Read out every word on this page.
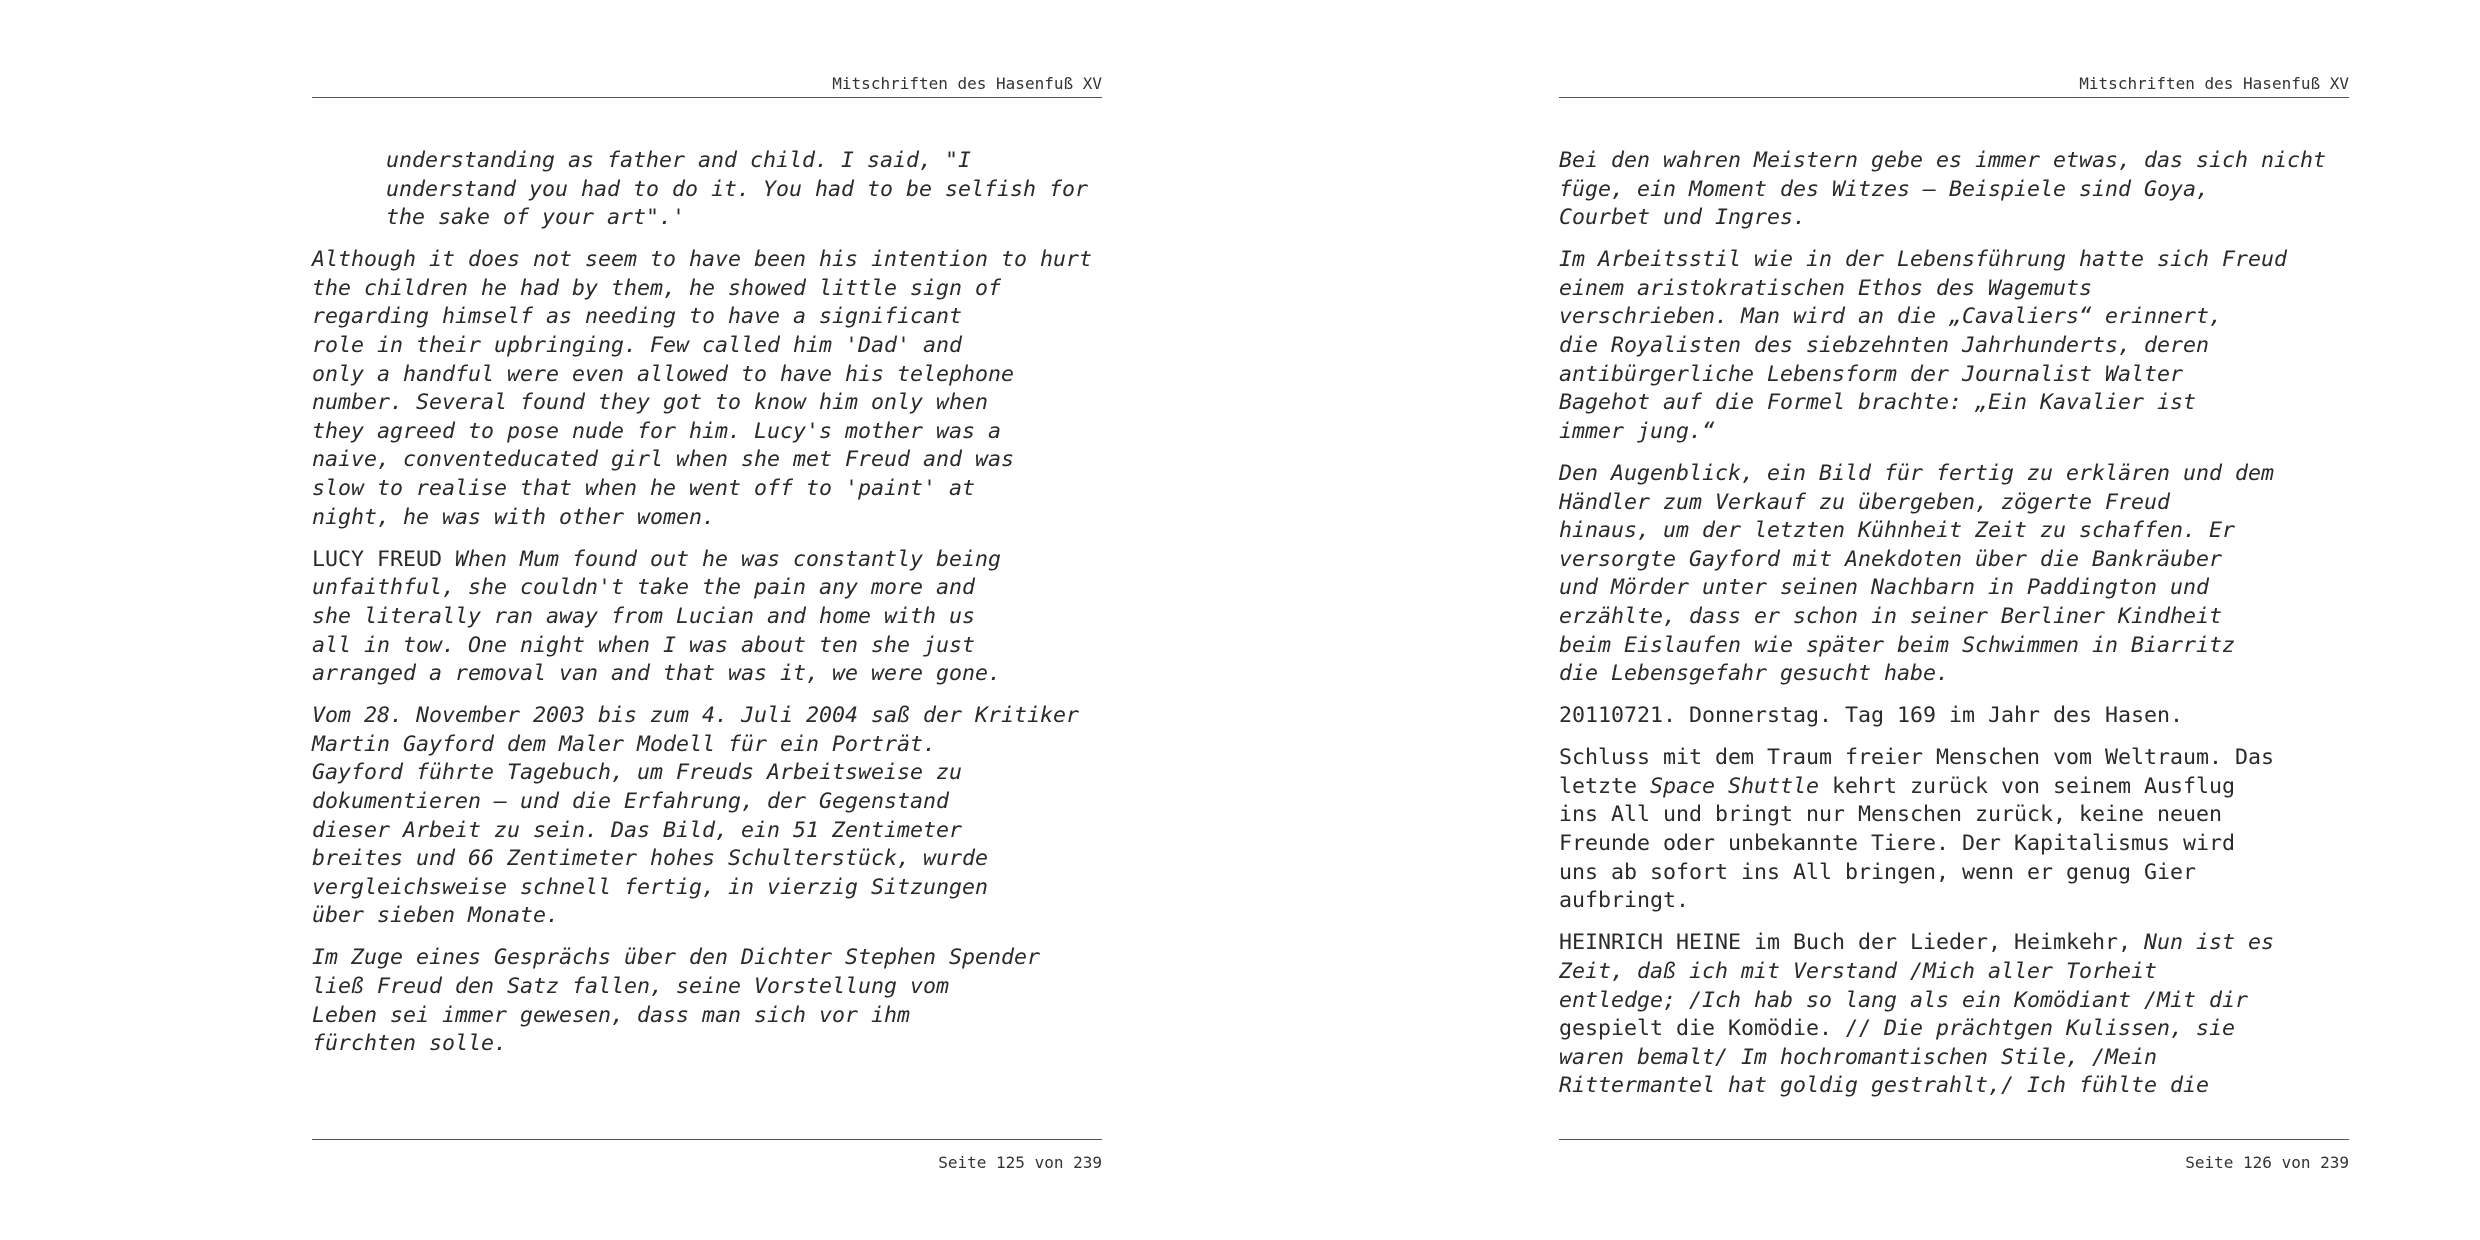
Mitschriften des Hasenfuß XV
understanding as father and child. I said, "I
understand you had to do it. You had to be selfish for
the sake of your art".'
Although it does not seem to have been his intention to hurt
the children he had by them, he showed little sign of
regarding himself as needing to have a significant
role in their upbringing. Few called him 'Dad' and
only a handful were even allowed to have his telephone
number. Several found they got to know him only when
they agreed to pose nude for him. Lucy's mother was a
naive, conventeducated girl when she met Freud and was
slow to realise that when he went off to 'paint' at
night, he was with other women.
LUCY FREUD When Mum found out he was constantly being
unfaithful, she couldn't take the pain any more and
she literally ran away from Lucian and home with us
all in tow. One night when I was about ten she just
arranged a removal van and that was it, we were gone.
Vom 28. November 2003 bis zum 4. Juli 2004 saß der Kritiker
Martin Gayford dem Maler Modell für ein Porträt.
Gayford führte Tagebuch, um Freuds Arbeitsweise zu
dokumentieren – und die Erfahrung, der Gegenstand
dieser Arbeit zu sein. Das Bild, ein 51 Zentimeter
breites und 66 Zentimeter hohes Schulterstück, wurde
vergleichsweise schnell fertig, in vierzig Sitzungen
über sieben Monate.
Im Zuge eines Gesprächs über den Dichter Stephen Spender
ließ Freud den Satz fallen, seine Vorstellung vom
Leben sei immer gewesen, dass man sich vor ihm
fürchten solle.
Seite 125 von 239
Mitschriften des Hasenfuß XV
Bei den wahren Meistern gebe es immer etwas, das sich nicht
füge, ein Moment des Witzes – Beispiele sind Goya,
Courbet und Ingres.
Im Arbeitsstil wie in der Lebensführung hatte sich Freud
einem aristokratischen Ethos des Wagemuts
verschrieben. Man wird an die „Cavaliers“ erinnert,
die Royalisten des siebzehnten Jahrhunderts, deren
antibürgerliche Lebensform der Journalist Walter
Bagehot auf die Formel brachte: „Ein Kavalier ist
immer jung.“
Den Augenblick, ein Bild für fertig zu erklären und dem
Händler zum Verkauf zu übergeben, zögerte Freud
hinaus, um der letzten Kühnheit Zeit zu schaffen. Er
versorgte Gayford mit Anekdoten über die Bankräuber
und Mörder unter seinen Nachbarn in Paddington und
erzählte, dass er schon in seiner Berliner Kindheit
beim Eislaufen wie später beim Schwimmen in Biarritz
die Lebensgefahr gesucht habe.
20110721. Donnerstag. Tag 169 im Jahr des Hasen.
Schluss mit dem Traum freier Menschen vom Weltraum. Das
letzte Space Shuttle kehrt zurück von seinem Ausflug
ins All und bringt nur Menschen zurück, keine neuen
Freunde oder unbekannte Tiere. Der Kapitalismus wird
uns ab sofort ins All bringen, wenn er genug Gier
aufbringt.
HEINRICH HEINE im Buch der Lieder, Heimkehr, Nun ist es
Zeit, daß ich mit Verstand /Mich aller Torheit
entledge; /Ich hab so lang als ein Komödiant /Mit dir
gespielt die Komödie. // Die prächtgen Kulissen, sie
waren bemalt/ Im hochromantischen Stile, /Mein
Rittermantel hat goldig gestrahlt,/ Ich fühlte die
Seite 126 von 239
